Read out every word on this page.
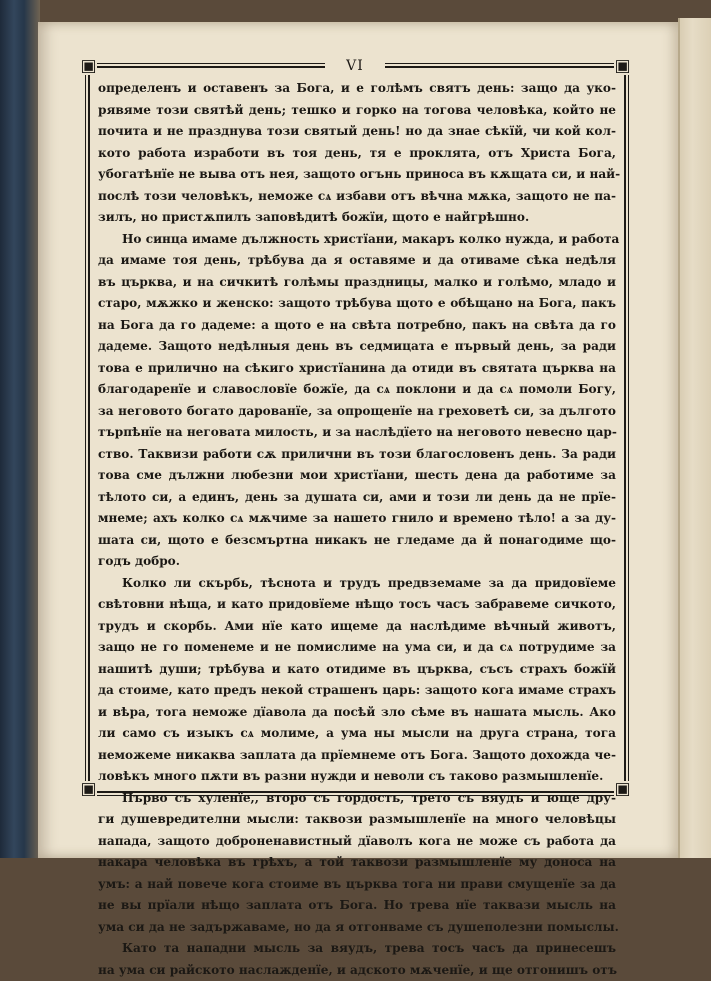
▣	▣
▣	▣
VI
определенъ и оставенъ за Бога, и е голѣмъ святъ день: защо да уко-
рявяме този святѣй день; тешко и горко на тогова человѣка, който не
почита и не празднува този святый день! но да знае сѣкїй, чи кой кол-
кото работа изработи въ тоя день, тя е проклята, отъ Христа Бога,
убогатѣнїе не выва отъ нея, защото огънь приноса въ кѫщата си, и най-
послѣ този человѣкъ, неможе сѧ избави отъ вѣчна мѫка, защото не па-
зилъ, но пристѫпилъ заповѣдитѣ божїи, щото е найгрѣшно.
Но синца имаме дължность христїани, макаръ колко нужда, и работа
да имаме тоя день, трѣбува да я оставяме и да отиваме сѣка недѣля
въ църква, и на сичкитѣ голѣмы праздницы, малко и голѣмо, младо и
старо, мѫжко и женско: защото трѣбува щото е обѣщано на Бога, пакъ
на Бога да го дадеме: а щото е на свѣта потребно, пакъ на свѣта да го
дадеме. Защото недѣлныя день въ седмицата е първый день, за ради
това е прилично на сѣкиго христїанина да отиди въ святата църква на
благодаренїе и славословїе божїе, да сѧ поклони и да сѧ помоли Богу,
за неговото богато дарованїе, за опрощенїе на греховетѣ си, за дългото
търпѣнїе на неговата милость, и за наслѣдїето на неговото невесно цар-
ство. Таквизи работи сѫ прилични въ този благословенъ день. За ради
това сме дължни любезни мои христїани, шесть дена да работиме за
тѣлото си, а единъ, день за душата си, ами и този ли день да не прїе-
мнеме; ахъ колко сѧ мѫчиме за нашето гнило и времено тѣло! а за ду-
шата си, щото е безсмъртна никакъ не гледаме да й понагодиме що-
годъ добро.
Колко ли скърбь, тѣснота и трудъ предвземаме за да придовїеме
свѣтовни нѣща, и като придовїеме нѣщо тосъ часъ забравеме сичкото,
трудъ и скорбь. Ами нїе като ищеме да наслѣдиме вѣчный животъ,
защо не го поменеме и не помислиме на ума си, и да сѧ потрудиме за
нашитѣ души; трѣбува и като отидиме въ църква, съсъ страхъ божїй
да стоиме, като предъ некой страшенъ царь: защото кога имаме страхъ
и вѣра, тога неможе дїавола да посѣй зло сѣме въ нашата мысль. Ако
ли само съ изыкъ сѧ молиме, а ума ны мысли на друга страна, тога
неможеме никаква заплата да прїемнеме отъ Бога. Защото дохожда че-
ловѣкъ много пѫти въ разни нужди и неволи съ таково размышленїе.
Първо съ хуленїе,, второ съ гордость, трето съ вяудъ и юще дру-
ги душевредителни мысли: таквози размышленїе на много человѣцы
напада, защото доброненавистный дїаволъ кога не може съ работа да
накара человѣка въ грѣхъ, а той таквози размышленїе му доноса на
умъ: а най повече кога стоиме въ църква тога ни прави смущенїе за да
не вы прїали нѣщо заплата отъ Бога. Но трева нїе таквази мысль на
ума си да не задържаваме, но да я отгонваме съ душеполезни помыслы.
Като та нападни мысль за вяудъ, трева тосъ часъ да принесешъ
на ума си райското наслажденїе, и адското мѫченїе, и ще отгонишъ отъ
